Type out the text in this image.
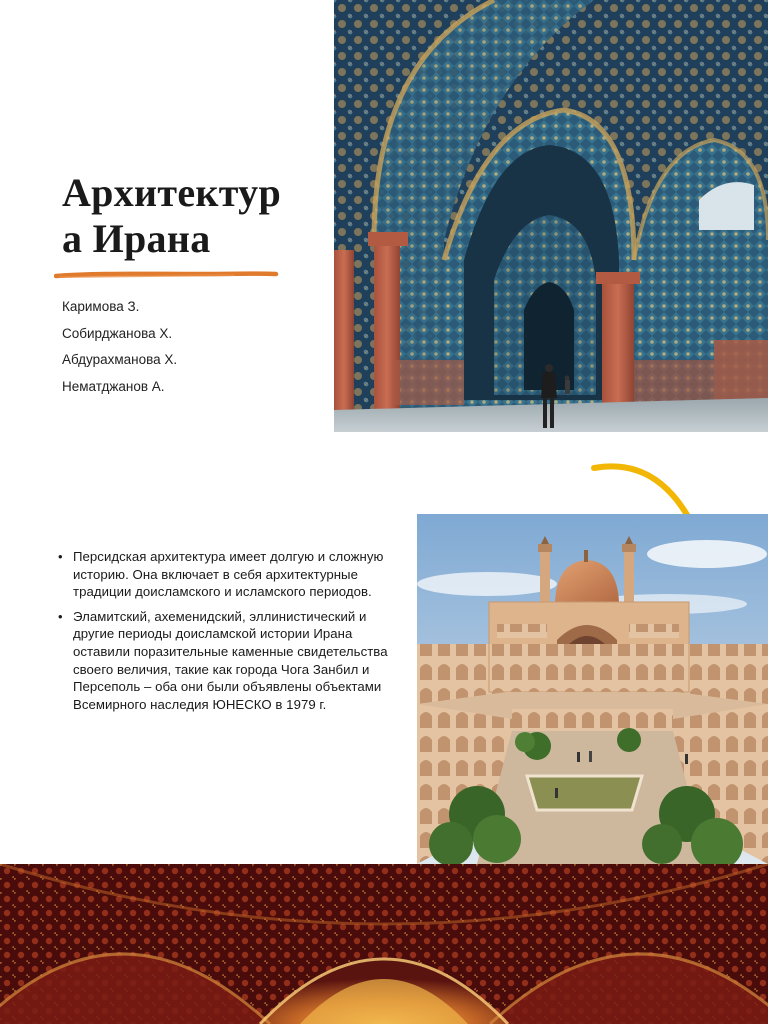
Архитектур
а Ирана
Каримова З.
Собирджанова Х.
Абдурахманова Х.
Нематджанов А.
• Персидская архитектура имеет долгую и сложную историю. Она включает в себя архитектурные традиции доисламского и исламского периодов.
• Эламитский, ахеменидский, эллинистический и другие периоды доисламской истории Ирана оставили поразительные каменные свидетельства своего величия, такие как города Чога Занбил и Персеполь – оба они были объявлены объектами Всемирного наследия ЮНЕСКО в 1979 г.
